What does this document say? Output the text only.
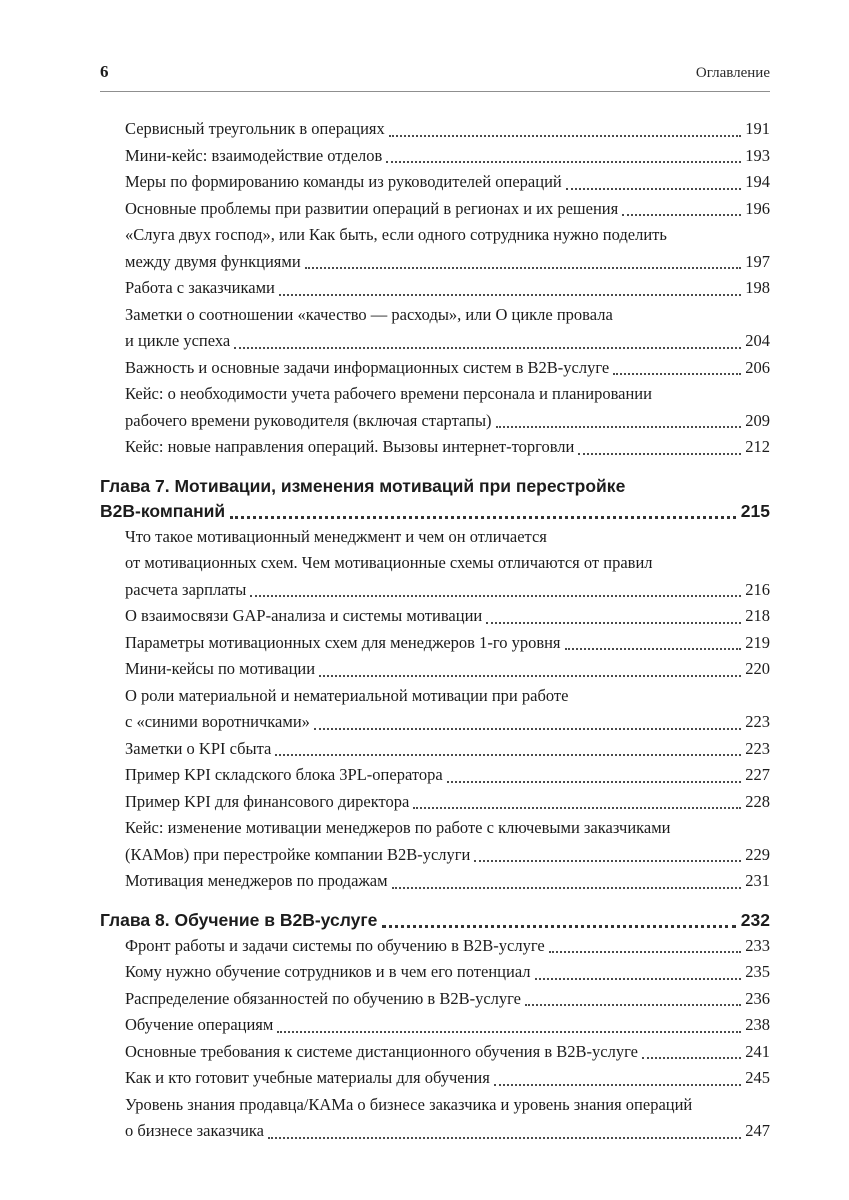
6	Оглавление
Сервисный треугольник в операциях	191
Мини-кейс: взаимодействие отделов	193
Меры по формированию команды из руководителей операций	194
Основные проблемы при развитии операций в регионах и их решения	196
«Слуга двух господ», или Как быть, если одного сотрудника нужно поделить
между двумя функциями	197
Работа с заказчиками	198
Заметки о соотношении «качество — расходы», или О цикле провала
и цикле успеха	204
Важность и основные задачи информационных систем в B2B-услуге	206
Кейс: о необходимости учета рабочего времени персонала и планировании
рабочего времени руководителя (включая стартапы)	209
Кейс: новые направления операций. Вызовы интернет-торговли	212
Глава 7. Мотивации, изменения мотиваций при перестройке
B2B-компаний	215
Что такое мотивационный менеджмент и чем он отличается
от мотивационных схем. Чем мотивационные схемы отличаются от правил
расчета зарплаты	216
О взаимосвязи GAP-анализа и системы мотивации	218
Параметры мотивационных схем для менеджеров 1-го уровня	219
Мини-кейсы по мотивации	220
О роли материальной и нематериальной мотивации при работе
с «синими воротничками»	223
Заметки о KPI сбыта	223
Пример KPI складского блока 3PL-оператора	227
Пример KPI для финансового директора	228
Кейс: изменение мотивации менеджеров по работе с ключевыми заказчиками
(КАМов) при перестройке компании B2B-услуги	229
Мотивация менеджеров по продажам	231
Глава 8. Обучение в B2B-услуге	232
Фронт работы и задачи системы по обучению в B2B-услуге	233
Кому нужно обучение сотрудников и в чем его потенциал	235
Распределение обязанностей по обучению в B2B-услуге	236
Обучение операциям	238
Основные требования к системе дистанционного обучения в B2B-услуге	241
Как и кто готовит учебные материалы для обучения	245
Уровень знания продавца/КАМа о бизнесе заказчика и уровень знания операций
о бизнесе заказчика	247
